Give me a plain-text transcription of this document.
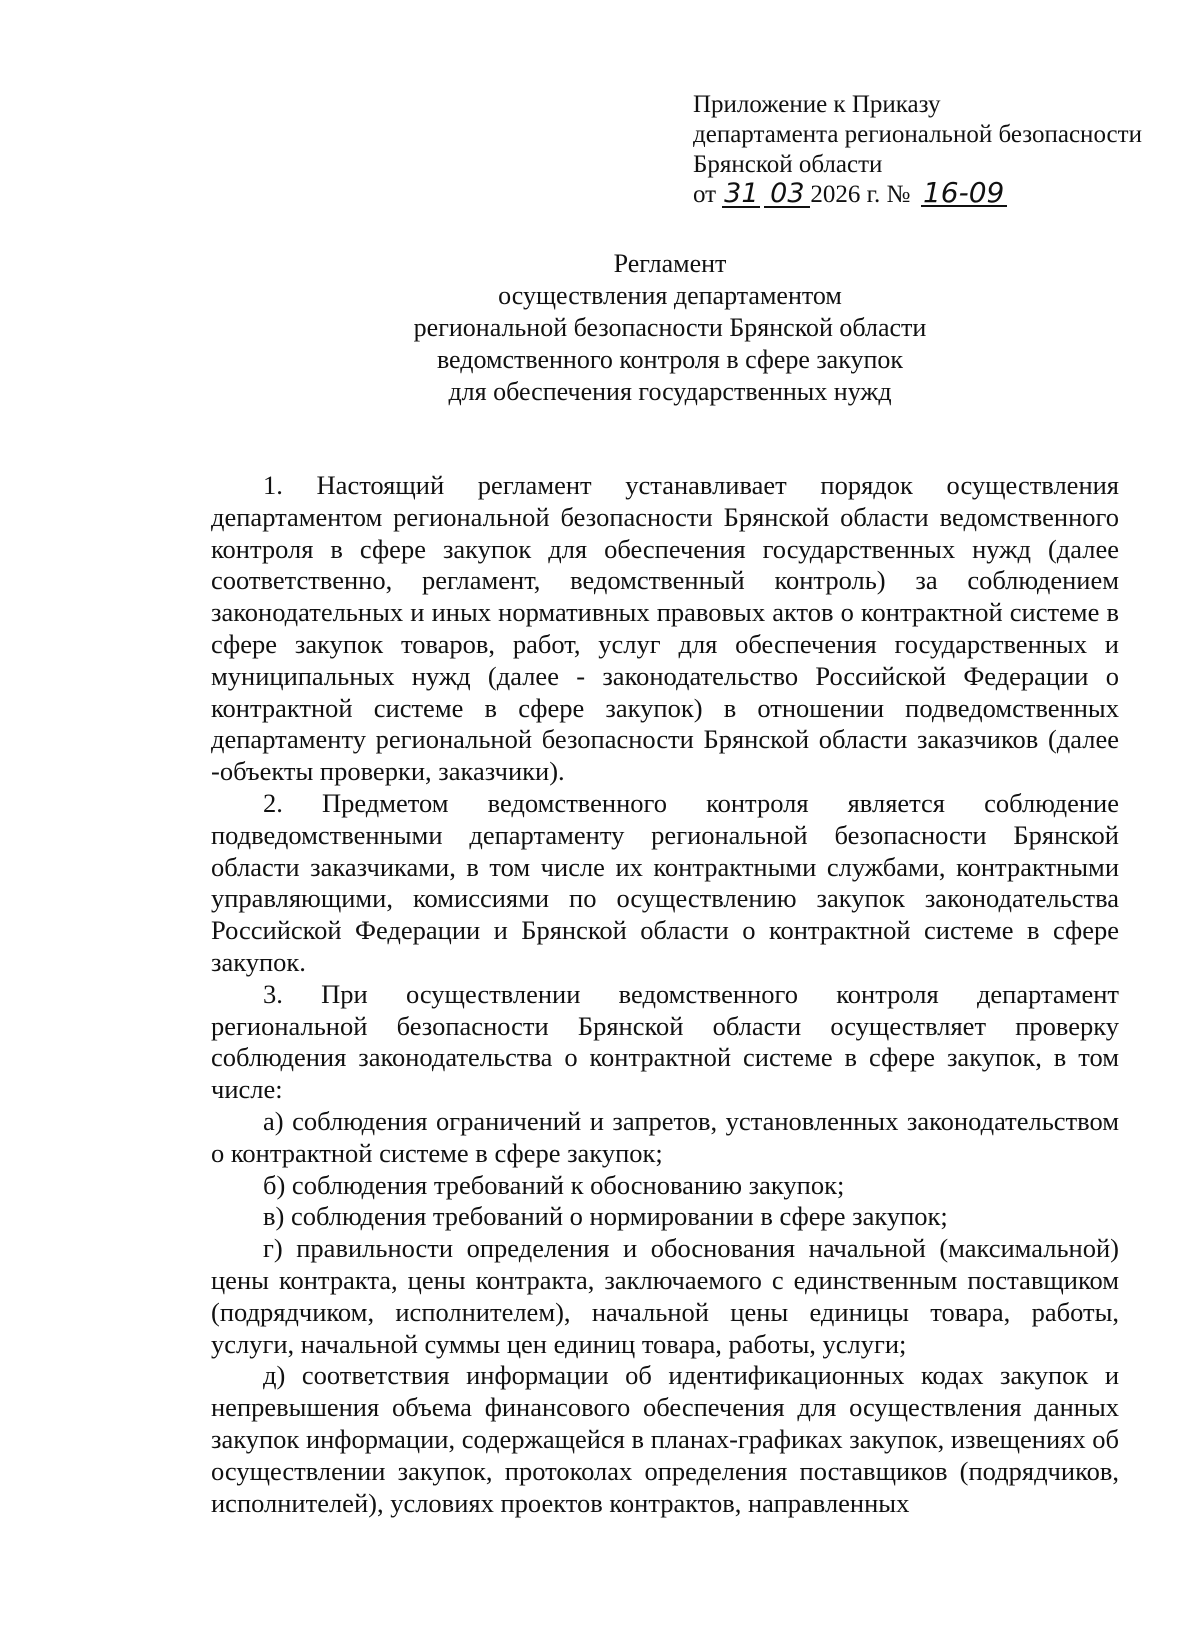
Приложение к Приказу
департамента региональной безопасности
Брянской области
от 31 03 2026 г. № 16-09
Регламент
осуществления департаментом
региональной безопасности Брянской области
ведомственного контроля в сфере закупок
для обеспечения государственных нужд

1. Настоящий регламент устанавливает порядок осуществления департаментом региональной безопасности Брянской области ведомственного контроля в сфере закупок для обеспечения государственных нужд (далее соответственно, регламент, ведомственный контроль) за соблюдением законодательных и иных нормативных правовых актов о контрактной системе в сфере закупок товаров, работ, услуг для обеспечения государственных и муниципальных нужд (далее - законодательство Российской Федерации о контрактной системе в сфере закупок) в отношении подведомственных департаменту региональной безопасности Брянской области заказчиков (далее -объекты проверки, заказчики).

2. Предметом ведомственного контроля является соблюдение подведомственными департаменту региональной безопасности Брянской области заказчиками, в том числе их контрактными службами, контрактными управляющими, комиссиями по осуществлению закупок законодательства Российской Федерации и Брянской области о контрактной системе в сфере закупок.

3. При осуществлении ведомственного контроля департамент региональной безопасности Брянской области осуществляет проверку соблюдения законодательства о контрактной системе в сфере закупок, в том числе:

а) соблюдения ограничений и запретов, установленных законодательством о контрактной системе в сфере закупок;

б) соблюдения требований к обоснованию закупок;

в) соблюдения требований о нормировании в сфере закупок;

г) правильности определения и обоснования начальной (максимальной) цены контракта, цены контракта, заключаемого с единственным поставщиком (подрядчиком, исполнителем), начальной цены единицы товара, работы, услуги, начальной суммы цен единиц товара, работы, услуги;

д) соответствия информации об идентификационных кодах закупок и непревышения объема финансового обеспечения для осуществления данных закупок информации, содержащейся в планах-графиках закупок, извещениях об осуществлении закупок, протоколах определения поставщиков (подрядчиков, исполнителей), условиях проектов контрактов, направленных
